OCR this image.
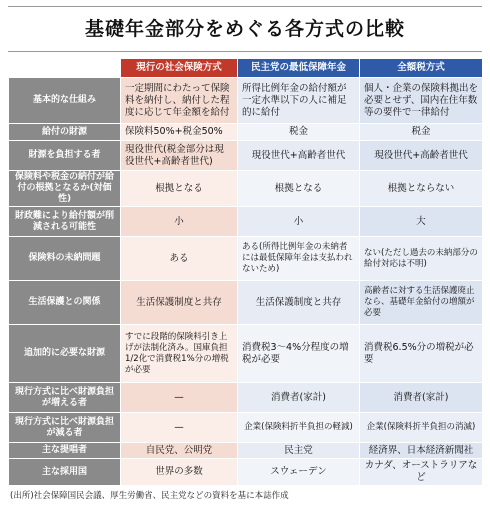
基礎年金部分をめぐる各方式の比較
	現行の社会保険方式	民主党の最低保障年金	全額税方式
基本的な仕組み	一定期間にわたって保険料を納付し、納付した程度に応じて年金額を給付	所得比例年金の給付額が一定水準以下の人に補足的に給付	個人・企業の保険料拠出を必要とせず、国内在住年数等の要件で一律給付
給付の財源	保険料50%+税金50%	税金	税金
財源を負担する者	現役世代(税金部分は現役世代+高齢者世代)	現役世代+高齢者世代	現役世代+高齢者世代
保険料や税金の納付が給付の根拠となるか(対価性)	根拠となる	根拠となる	根拠とならない
財政難により給付額が削減される可能性	小	小	大
保険料の未納問題	ある	ある(所得比例年金の未納者には最低保障年金は支払われないため)	ない(ただし過去の未納部分の給付対応は不明)
生活保護との関係	生活保護制度と共存	生活保護制度と共存	高齢者に対する生活保護廃止なら、基礎年金給付の増額が必要
追加的に必要な財源	すでに段階的保険料引き上げが法制化済み。国庫負担1/2化で消費税1%分の増税が必要	消費税3〜4%分程度の増税が必要	消費税6.5%分の増税が必要
現行方式に比べ財源負担が増える者	—	消費者(家計)	消費者(家計)
現行方式に比べ財源負担が減る者	—	企業(保険料折半負担の軽減)	企業(保険料折半負担の消滅)
主な提唱者	自民党、公明党	民主党	経済界、日本経済新聞社
主な採用国	世界の多数	スウェーデン	カナダ、オーストラリアなど
(出所)社会保障国民会議、厚生労働省、民主党などの資料を基に本誌作成
